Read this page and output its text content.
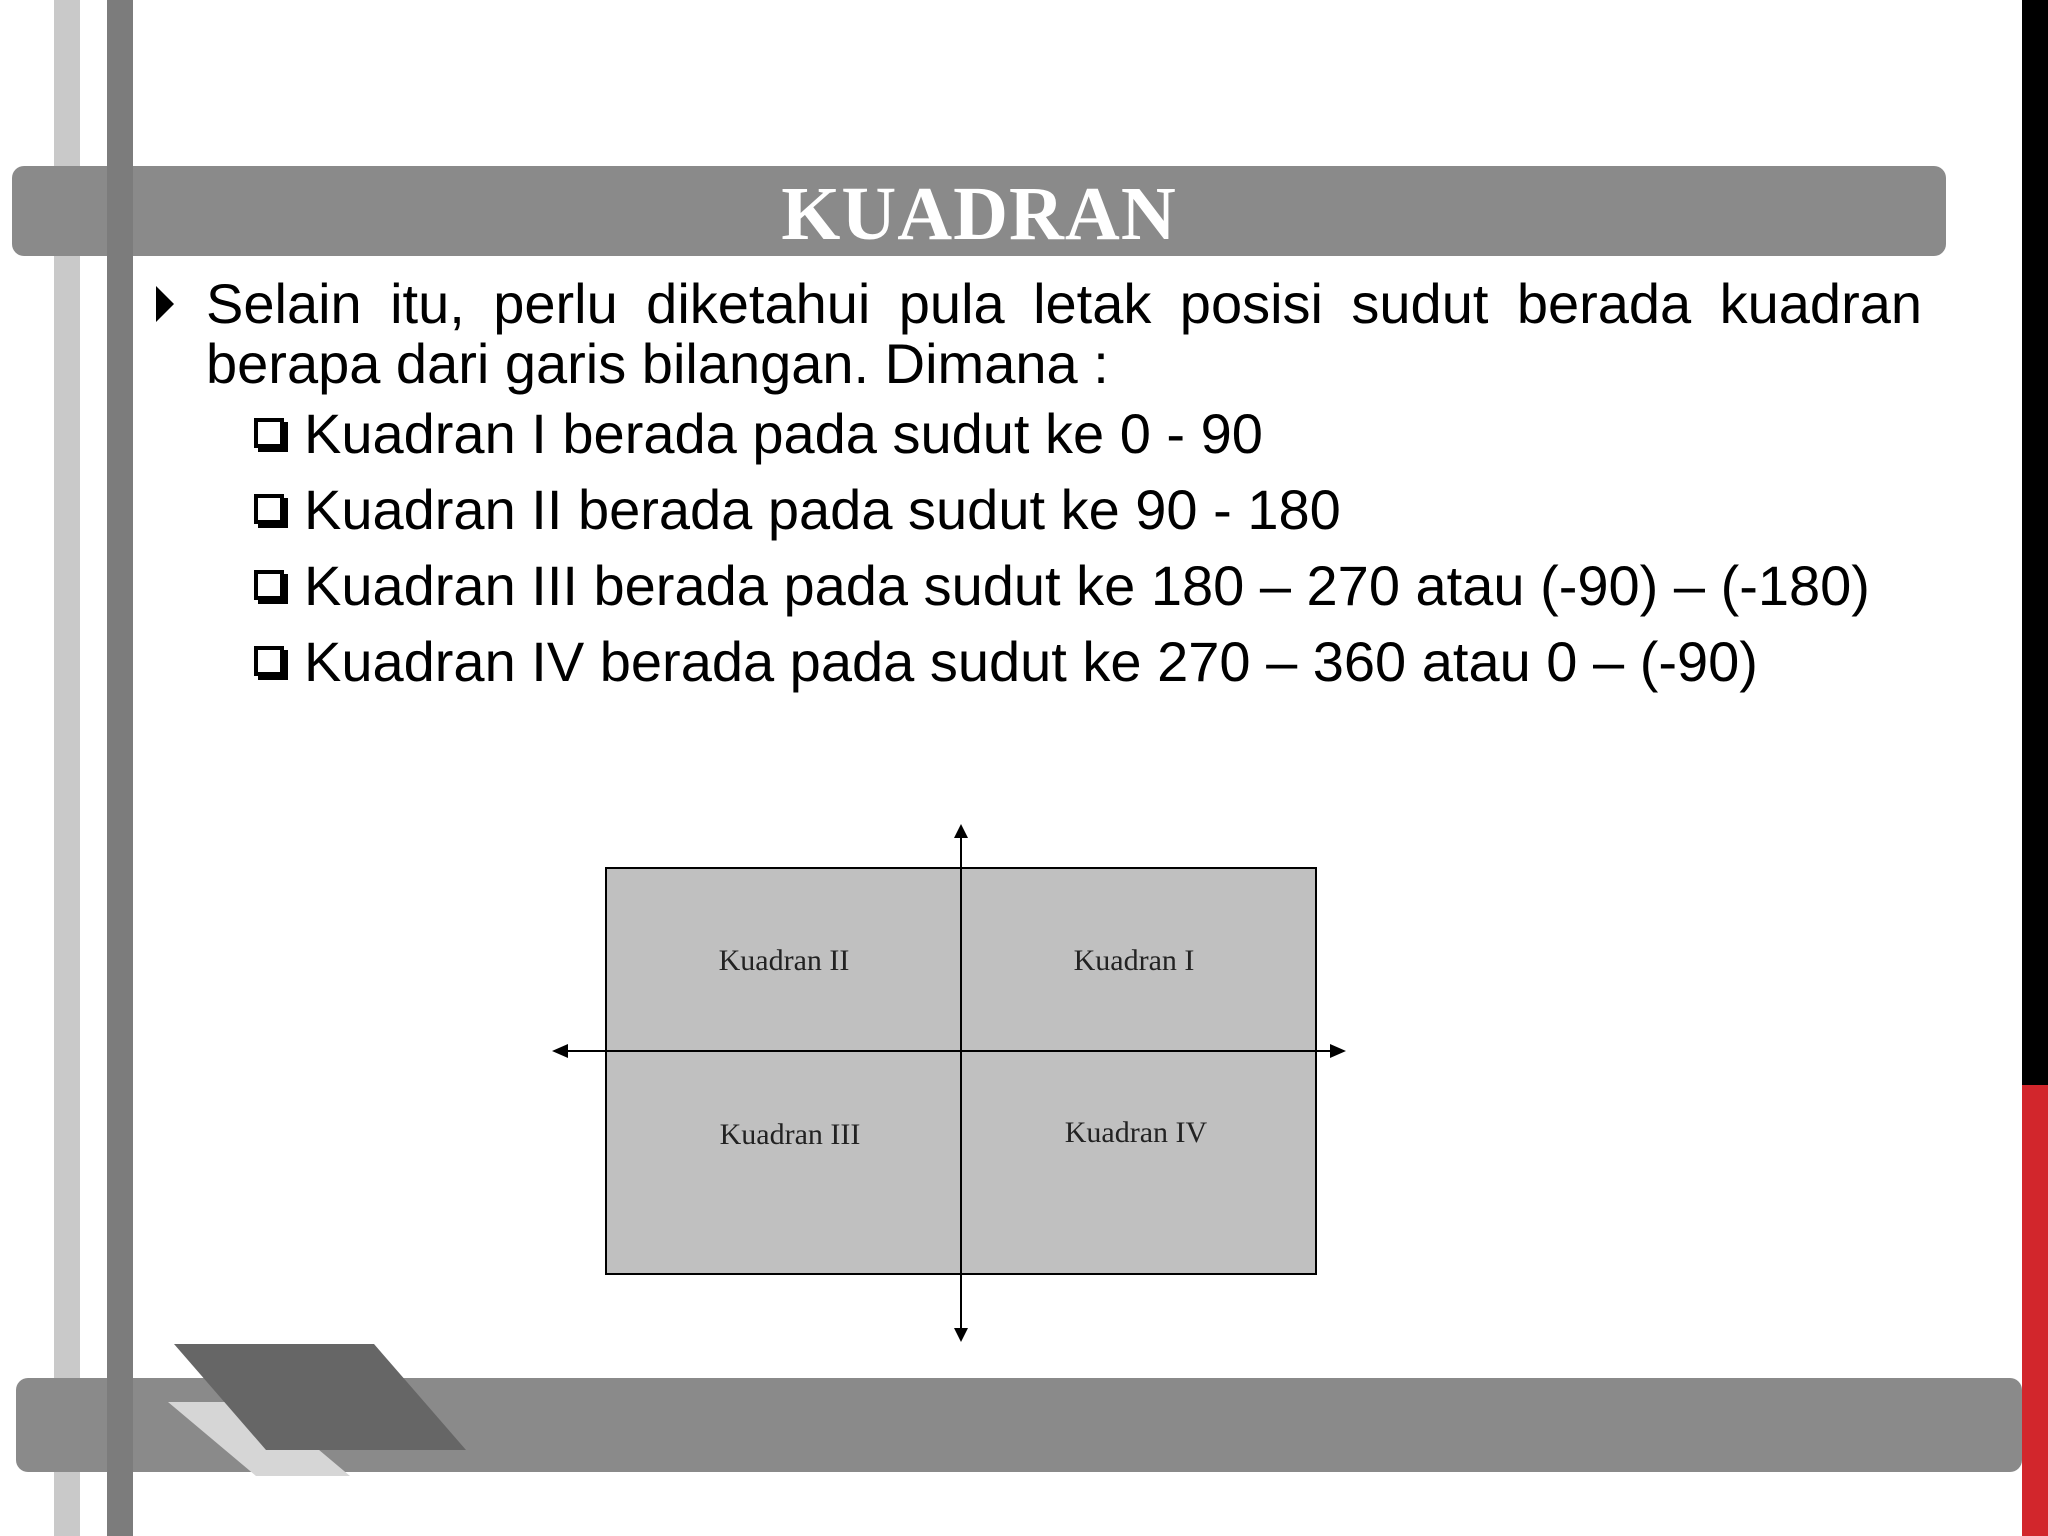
KUADRAN
Selain itu, perlu diketahui pula letak posisi sudut berada kuadran berapa dari garis bilangan. Dimana :
Kuadran I berada pada sudut ke 0 - 90
Kuadran II berada pada sudut ke 90 - 180
Kuadran III berada pada sudut ke 180 – 270 atau (-90) – (-180)
Kuadran IV berada pada sudut ke 270 – 360 atau 0 – (-90)
Kuadran II	Kuadran I
Kuadran III	Kuadran IV
